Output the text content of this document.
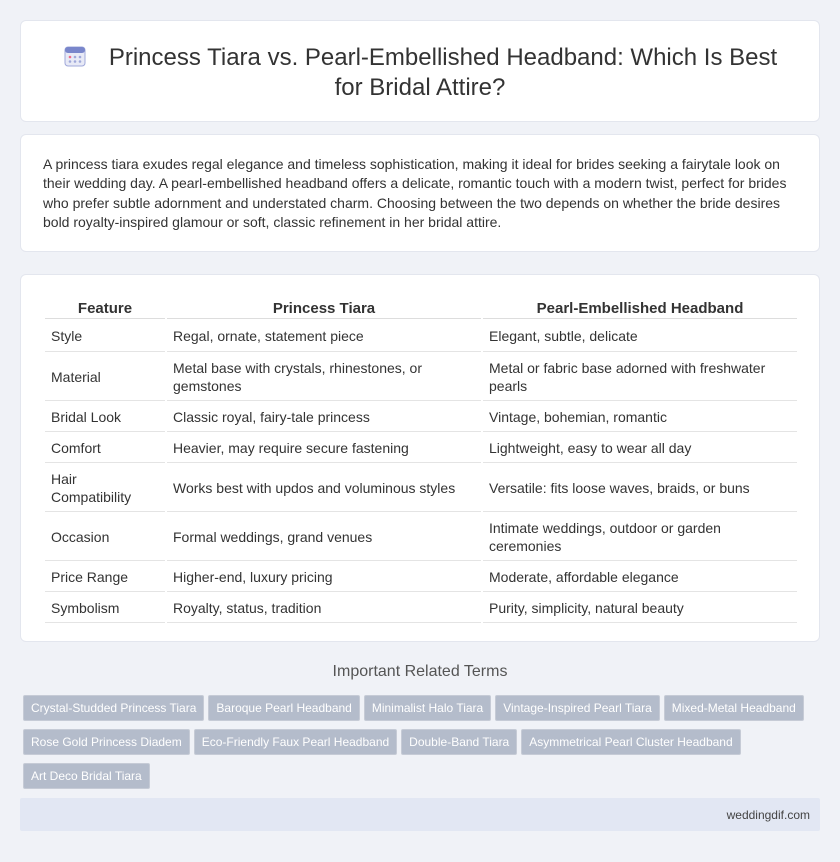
Princess Tiara vs. Pearl-Embellished Headband: Which Is Best for Bridal Attire?

A princess tiara exudes regal elegance and timeless sophistication, making it ideal for brides seeking a fairytale look on their wedding day. A pearl-embellished headband offers a delicate, romantic touch with a modern twist, perfect for brides who prefer subtle adornment and understated charm. Choosing between the two depends on whether the bride desires bold royalty-inspired glamour or soft, classic refinement in her bridal attire.

Feature	Princess Tiara	Pearl-Embellished Headband
Style	Regal, ornate, statement piece	Elegant, subtle, delicate
Material	Metal base with crystals, rhinestones, or gemstones	Metal or fabric base adorned with freshwater pearls
Bridal Look	Classic royal, fairy-tale princess	Vintage, bohemian, romantic
Comfort	Heavier, may require secure fastening	Lightweight, easy to wear all day
Hair Compatibility	Works best with updos and voluminous styles	Versatile: fits loose waves, braids, or buns
Occasion	Formal weddings, grand venues	Intimate weddings, outdoor or garden ceremonies
Price Range	Higher-end, luxury pricing	Moderate, affordable elegance
Symbolism	Royalty, status, tradition	Purity, simplicity, natural beauty
Important Related Terms
Crystal-Studded Princess Tiara Baroque Pearl Headband Minimalist Halo Tiara Vintage-Inspired Pearl Tiara Mixed-Metal Headband
Rose Gold Princess Diadem Eco-Friendly Faux Pearl Headband Double-Band Tiara Asymmetrical Pearl Cluster Headband
Art Deco Bridal Tiara
weddingdif.com
